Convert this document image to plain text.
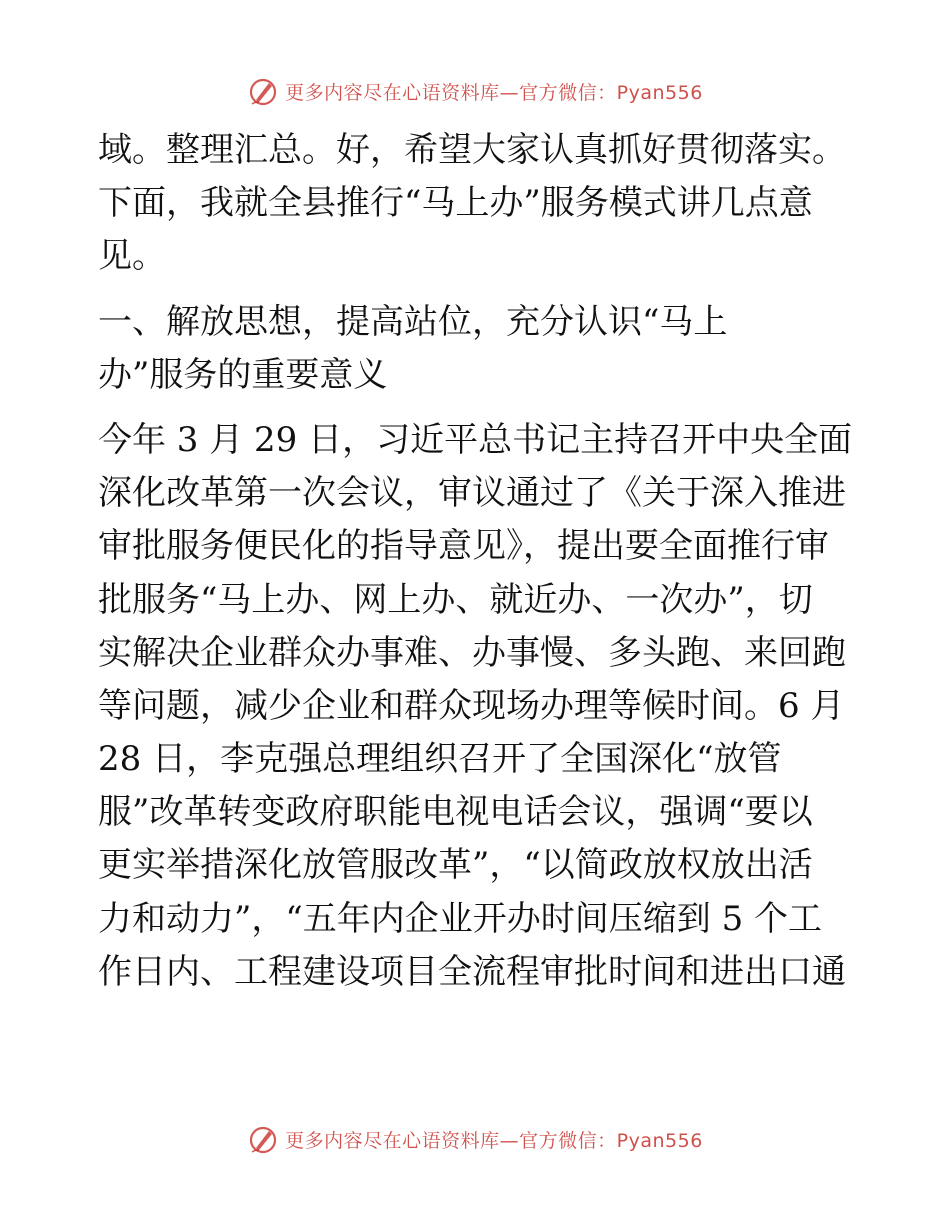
更多内容尽在心语资料库—官方微信：Pyan556
域。整理汇总。好，希望大家认真抓好贯彻落实。
下面，我就全县推行“马上办”服务模式讲几点意
见。
一、解放思想，提高站位，充分认识“马上
办”服务的重要意义
今年 3 月 29 日，习近平总书记主持召开中央全面
深化改革第一次会议，审议通过了《关于深入推进
审批服务便民化的指导意见》，提出要全面推行审
批服务“马上办、网上办、就近办、一次办”，切
实解决企业群众办事难、办事慢、多头跑、来回跑
等问题，减少企业和群众现场办理等候时间。6 月
28 日，李克强总理组织召开了全国深化“放管
服”改革转变政府职能电视电话会议，强调“要以
更实举措深化放管服改革”，“以简政放权放出活
力和动力”，“五年内企业开办时间压缩到 5 个工
作日内、工程建设项目全流程审批时间和进出口通
更多内容尽在心语资料库—官方微信：Pyan556
